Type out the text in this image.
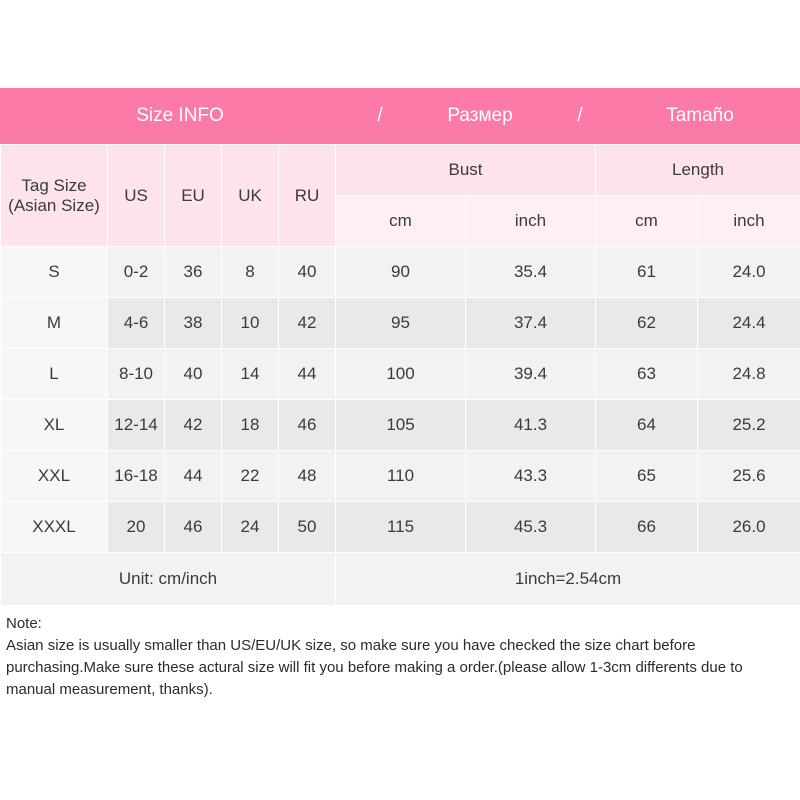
Size INFO	/	Размер	/	Tamaño
Tag Size
(Asian Size)	US	EU	UK	RU	Bust		Length	
					cm	inch	cm	inch
S	0-2	36	8	40	90	35.4	61	24.0
M	4-6	38	10	42	95	37.4	62	24.4
L	8-10	40	14	44	100	39.4	63	24.8
XL	12-14	42	18	46	105	41.3	64	25.2
XXL	16-18	44	22	48	110	43.3	65	25.6
XXXL	20	46	24	50	115	45.3	66	26.0
Unit: cm/inch					1inch=2.54cm			
Note:
Asian size is usually smaller than US/EU/UK size, so make sure you have checked the size chart before purchasing.Make sure these actural size will fit you before making a order.(please allow 1-3cm differents due to manual measurement, thanks).
